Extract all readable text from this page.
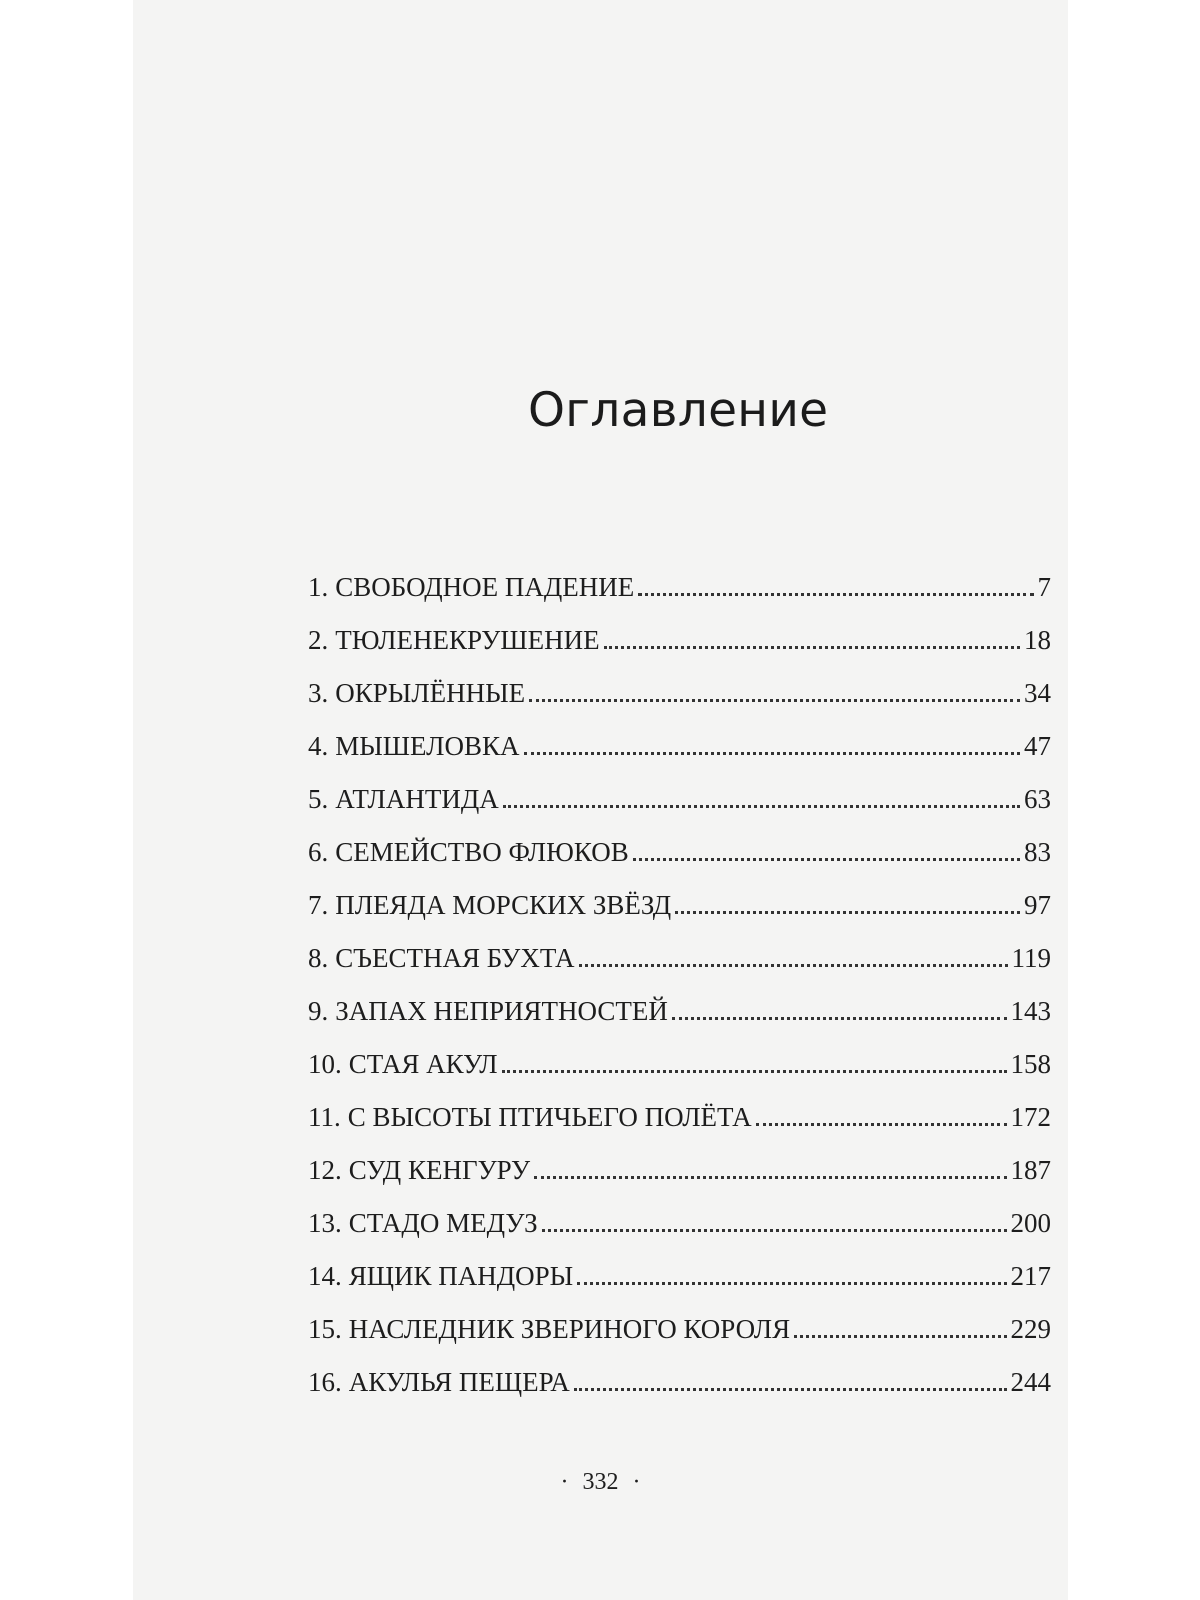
Оглавление
1. СВОБОДНОЕ ПАДЕНИЕ	7
2. ТЮЛЕНЕКРУШЕНИЕ	18
3. ОКРЫЛЁННЫЕ	34
4. МЫШЕЛОВКА	47
5. АТЛАНТИДА	63
6. СЕМЕЙСТВО ФЛЮКОВ	83
7. ПЛЕЯДА МОРСКИХ ЗВЁЗД	97
8. СЪЕСТНАЯ БУХТА	119
9. ЗАПАХ НЕПРИЯТНОСТЕЙ	143
10. СТАЯ АКУЛ	158
11. С ВЫСОТЫ ПТИЧЬЕГО ПОЛЁТА	172
12. СУД КЕНГУРУ	187
13. СТАДО МЕДУЗ	200
14. ЯЩИК ПАНДОРЫ	217
15. НАСЛЕДНИК ЗВЕРИНОГО КОРОЛЯ	229
16. АКУЛЬЯ ПЕЩЕРА	244
· 332 ·
